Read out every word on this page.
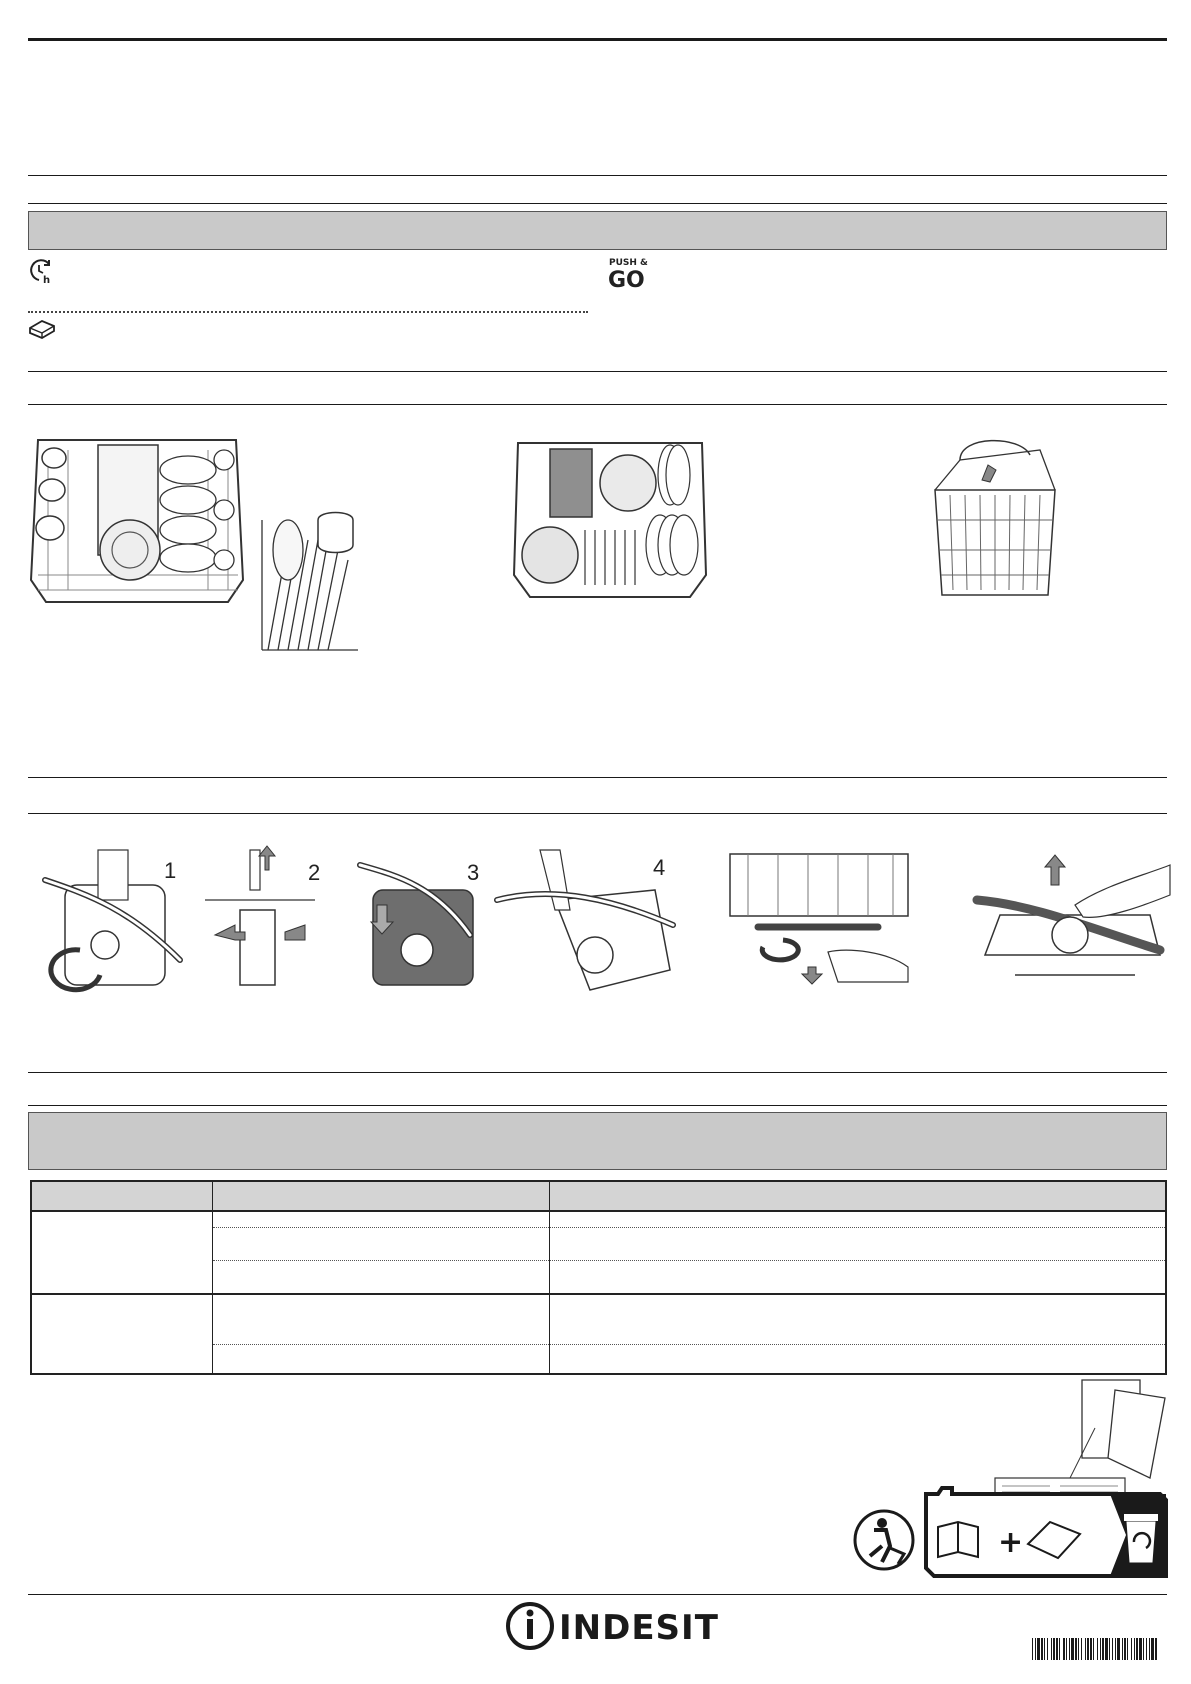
h
PUSH &
GO
1	2	3	4

+
INDESIT
